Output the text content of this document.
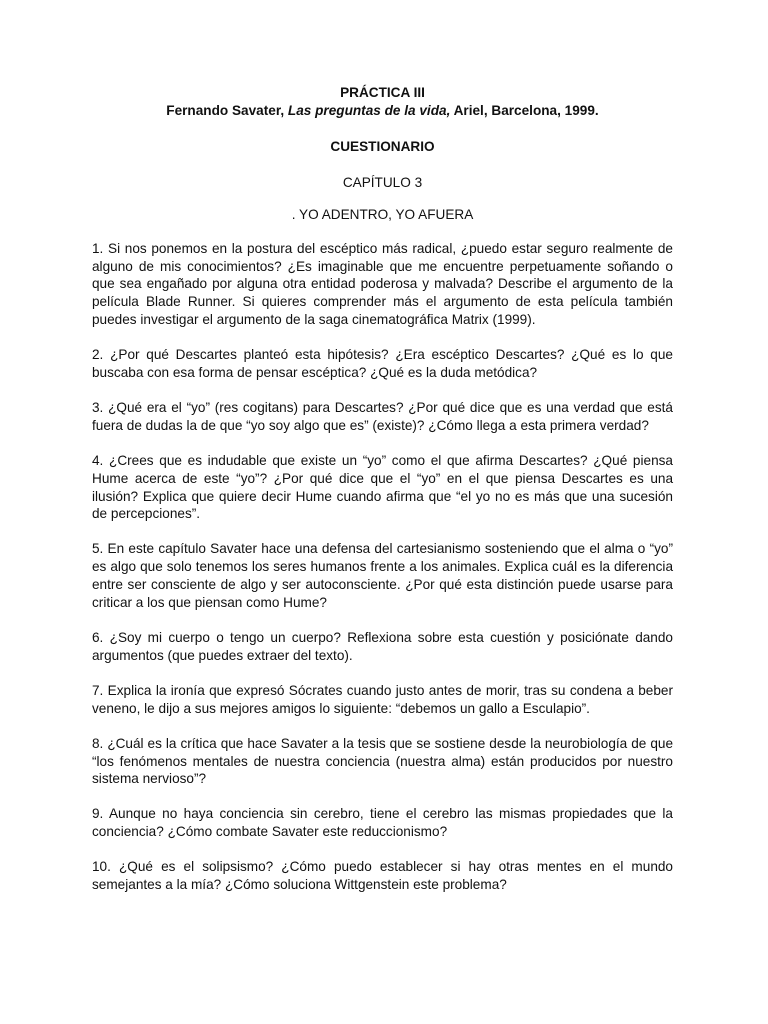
PRÁCTICA III

Fernando Savater, Las preguntas de la vida, Ariel, Barcelona, 1999.

CUESTIONARIO

CAPÍTULO 3

. YO ADENTRO, YO AFUERA

1. Si nos ponemos en la postura del escéptico más radical, ¿puedo estar seguro realmente de alguno de mis conocimientos? ¿Es imaginable que me encuentre perpetuamente soñando o que sea engañado por alguna otra entidad poderosa y malvada? Describe el argumento de la película Blade Runner. Si quieres comprender más el argumento de esta película también puedes investigar el argumento de la saga cinematográfica Matrix (1999).

2. ¿Por qué Descartes planteó esta hipótesis? ¿Era escéptico Descartes? ¿Qué es lo que buscaba con esa forma de pensar escéptica? ¿Qué es la duda metódica?

3. ¿Qué era el “yo” (res cogitans) para Descartes? ¿Por qué dice que es una verdad que está fuera de dudas la de que “yo soy algo que es” (existe)? ¿Cómo llega a esta primera verdad?

4. ¿Crees que es indudable que existe un “yo” como el que afirma Descartes? ¿Qué piensa Hume acerca de este “yo”? ¿Por qué dice que el “yo” en el que piensa Descartes es una ilusión? Explica que quiere decir Hume cuando afirma que “el yo no es más que una sucesión de percepciones”.

5. En este capítulo Savater hace una defensa del cartesianismo sosteniendo que el alma o “yo” es algo que solo tenemos los seres humanos frente a los animales. Explica cuál es la diferencia entre ser consciente de algo y ser autoconsciente. ¿Por qué esta distinción puede usarse para criticar a los que piensan como Hume?

6. ¿Soy mi cuerpo o tengo un cuerpo? Reflexiona sobre esta cuestión y posiciónate dando argumentos (que puedes extraer del texto).

7. Explica la ironía que expresó Sócrates cuando justo antes de morir, tras su condena a beber veneno, le dijo a sus mejores amigos lo siguiente: “debemos un gallo a Esculapio”.

8. ¿Cuál es la crítica que hace Savater a la tesis que se sostiene desde la neurobiología de que “los fenómenos mentales de nuestra conciencia (nuestra alma) están producidos por nuestro sistema nervioso”?

9. Aunque no haya conciencia sin cerebro, tiene el cerebro las mismas propiedades que la conciencia? ¿Cómo combate Savater este reduccionismo?

10. ¿Qué es el solipsismo? ¿Cómo puedo establecer si hay otras mentes en el mundo semejantes a la mía? ¿Cómo soluciona Wittgenstein este problema?
